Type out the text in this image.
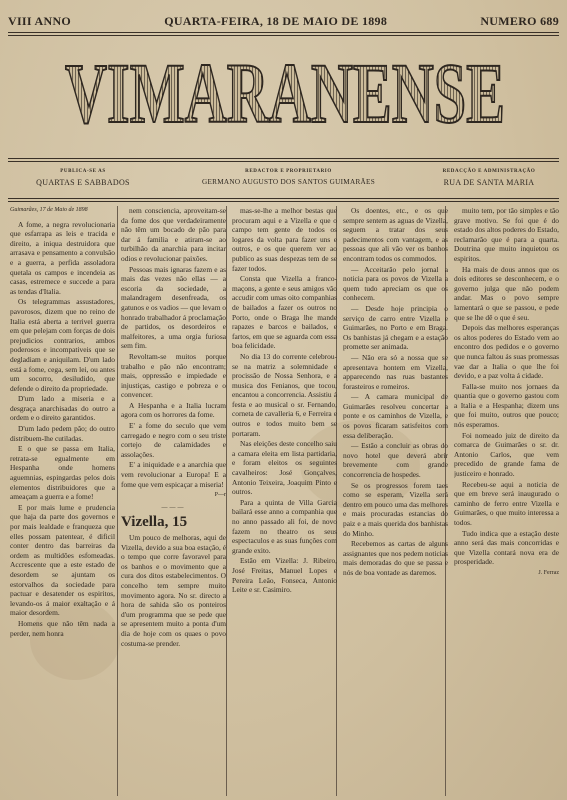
VIII ANNO	QUARTA-FEIRA, 18 DE MAIO DE 1898	NUMERO 689
VIMARANENSE
PUBLICA-SE AS
QUARTAS E SABBADOS
REDACTOR E PROPRIETARIO
GERMANO AUGUSTO DOS SANTOS GUIMARÃES
REDACÇÃO E ADMINISTRAÇÃO
RUA DE SANTA MARIA
Guimarães, 17 de Maio de 1898

A fome, a negra revolucionaria que esfarrapa as leis e tracida e direito, a iniqua destruidora que arrasava e pensamento a convulsão e a guerra, a perfida assoladora quetala os campos e incendeia as casas, estremece e succede a para as tendas d'Italia.

Os telegrammas assustadores, pavorosos, dizem que no reino de Italia está aberta a terrivel guerra em que pelejam com forças de dois prejudicios contrarios, ambos poderosos e incompativeis que se degladiam e aniquilam. D'um lado está a fome, cega, sem lei, ou antes um socorro, desiludido, que defende o direito da propriedade.

D'um lado a miseria e a desgraça anarchisadas do outro a ordem e o direito garantidos.

D'um lado pedem pão; do outro distribuem-lhe cutiladas.

E o que se passa em Italia, retrata-se egualmente em Hespanha onde homens aguemnias, espingardas pelos dois elementos distribuidores que a ameaçam a guerra e a fome!

E por mais lume e prudencia que haja da parte dos governos e por mais lealdade e franqueza que elles possam patentear, é dificil conter dentro das barreiras da ordem as multidões esfomeadas. Accrescente que a este estado de desordem se ajuntam os estorvalhos da sociedade para pactuar e desatender os espiritos, levando-os á maior exaltação e á maior desordem.

Homens que não têm nada a perder, nem honra

nem consciencia, aproveitam-se da fome dos que verdadeiramente não têm um bocado de pão para dar á familia e atiram-se ao turbilhão da anarchia para incitar odios e revolucionar paixões.

Pessoas mais ignaras fazem e as mais das vezes não ellas — a escoria da sociedade, a malandragem desenfreada, os gatunos e os vadios — que levam o honrado trabalhador á proclamação de partidos, os desordeiros e malfeitores, a uma orgia furiosa sem fim.

Revoltam-se muitos porque trabalho e pão não encontram; mais, oppressão e impiedade e injustiças, castigo e pobreza e o convencer.

A Hespanha e a Italia lucram agora com os horrores da fome.

E' a fome do seculo que vem carregado e negro com o seu triste cortejo de calamidades e assolações.

E' a iniquidade e a anarchia que vem revolucionar a Europa! E a fome que vem espicaçar a miseria!

P—r
———
Vizella, 15

Um pouco de melhoras, aqui de Vizella, devido a sua boa estação, é o tempo que corre favoravel para os banhos e o movimento que a cura dos ditos estabelecimentos. O concelho tem sempre muito movimento agora. No sr. directo a hora de sahida são os ponteiros d'um programma que se pede que se apresentem muito a ponta d'um dia de hoje com os quaes o povo costuma-se prender.

mas-se-lhe a melhor bestas que procuram aqui e a Vizella e que o campo tem gente de todos os logares da volta para fazer uns e outros, e os que querem ver ao publico as suas despezas tem de se fazer todos.

Consta que Vizella a franco-maçons, a gente e seus amigos vão accudir com umas oito companhias de bailados a fazer os outros no Porto, onde o Braga lhe mande rapazes e barcos e bailados, e fartos, em que se aguarda com essa boa felicidade.

No dia 13 do corrente celebrou-se na matriz a solemnidade e procissão de Nossa Senhora, e a musica dos Fenianos, que tocou, encantou a concorrencia. Assistiu á festa e ao musical o sr. Fernando, corneta de cavalleria 6, e Ferreira e outros e todos muito bem se portaram.

Nas eleições deste concelho saiu a camara eleita em lista partidaria, e foram eleitos os seguintes cavalheiros: José Gonçalves, Antonio Teixeira, Joaquim Pinto e outros.

Para a quinta de Villa Garcia bailará esse anno a companhia que no anno passado ali foi, de novo fazem no theatro os seus espectaculos e as suas funções com grande exito.

Estão em Vizella: J. Ribeiro, José Freitas, Manuel Lopes e Pereira Leão, Fonseca, Antonio Leite e sr. Casimiro.

Os doentes, etc., e os que sempre sentem as aguas de Vizella, seguem a tratar dos seus padecimentos com vantagem, e as pessoas que ali vão ver os banhos encontram todos os commodos.

— Acceitarão pelo jornal a noticia para os povos de Vizella a quem tudo apreciam os que os conhecem.

— Desde hoje principia o serviço de carro entre Vizella e Guimarães, no Porto e em Braga. Os banhistas já chegam e a estação promette ser animada.

— Não era só a nossa que se apresentava hontem em Vizella, apparecendo nas ruas bastantes forasteiros e romeiros.

— A camara municipal de Guimarães resolveu concertar a ponte e os caminhos de Vizella, e os povos ficaram satisfeitos com essa deliberação.

— Estão a concluir as obras do novo hotel que deverá abrir brevemente com grande concorrencia de hospedes.

Se os progressos forem taes como se esperam, Vizella será dentro em pouco uma das melhores e mais procuradas estancias do paiz e a mais querida dos banhistas do Minho.

Recebemos as cartas de alguns assignantes que nos pedem noticias mais demoradas do que se passa e nós de boa vontade as daremos.

muito tem, por tão simples e tão grave motivo. Se foi que é do estado dos altos poderes do Estado, reclamarão que é para a quarta. Doutrina que muito inquietou os espiritos.

Ha mais de dous annos que os dois editores se desconhecem, e o governo julga que não podem andar. Mas o povo sempre lamentará o que se passou, e pede que se lhe dê o que é seu.

Depois das melhores esperanças os altos poderes do Estado vem ao encontro dos pedidos e o governo que nunca faltou ás suas promessas vae dar a Italia o que lhe foi devido, e a paz volta á cidade.

Falla-se muito nos jornaes da quantia que o governo gastou com a Italia e a Hespanha; dizem uns que foi muito, outros que pouco; nós esperamos.

Foi nomeado juiz de direito da comarca de Guimarães o sr. dr. Antonio Carlos, que vem precedido de grande fama de justiceiro e honrado.

Recebeu-se aqui a noticia de que em breve será inaugurado o caminho de ferro entre Vizella e Guimarães, o que muito interessa a todos.

Tudo indica que a estação deste anno será das mais concorridas e que Vizella contará nova era de prosperidade.

J. Ferraz
